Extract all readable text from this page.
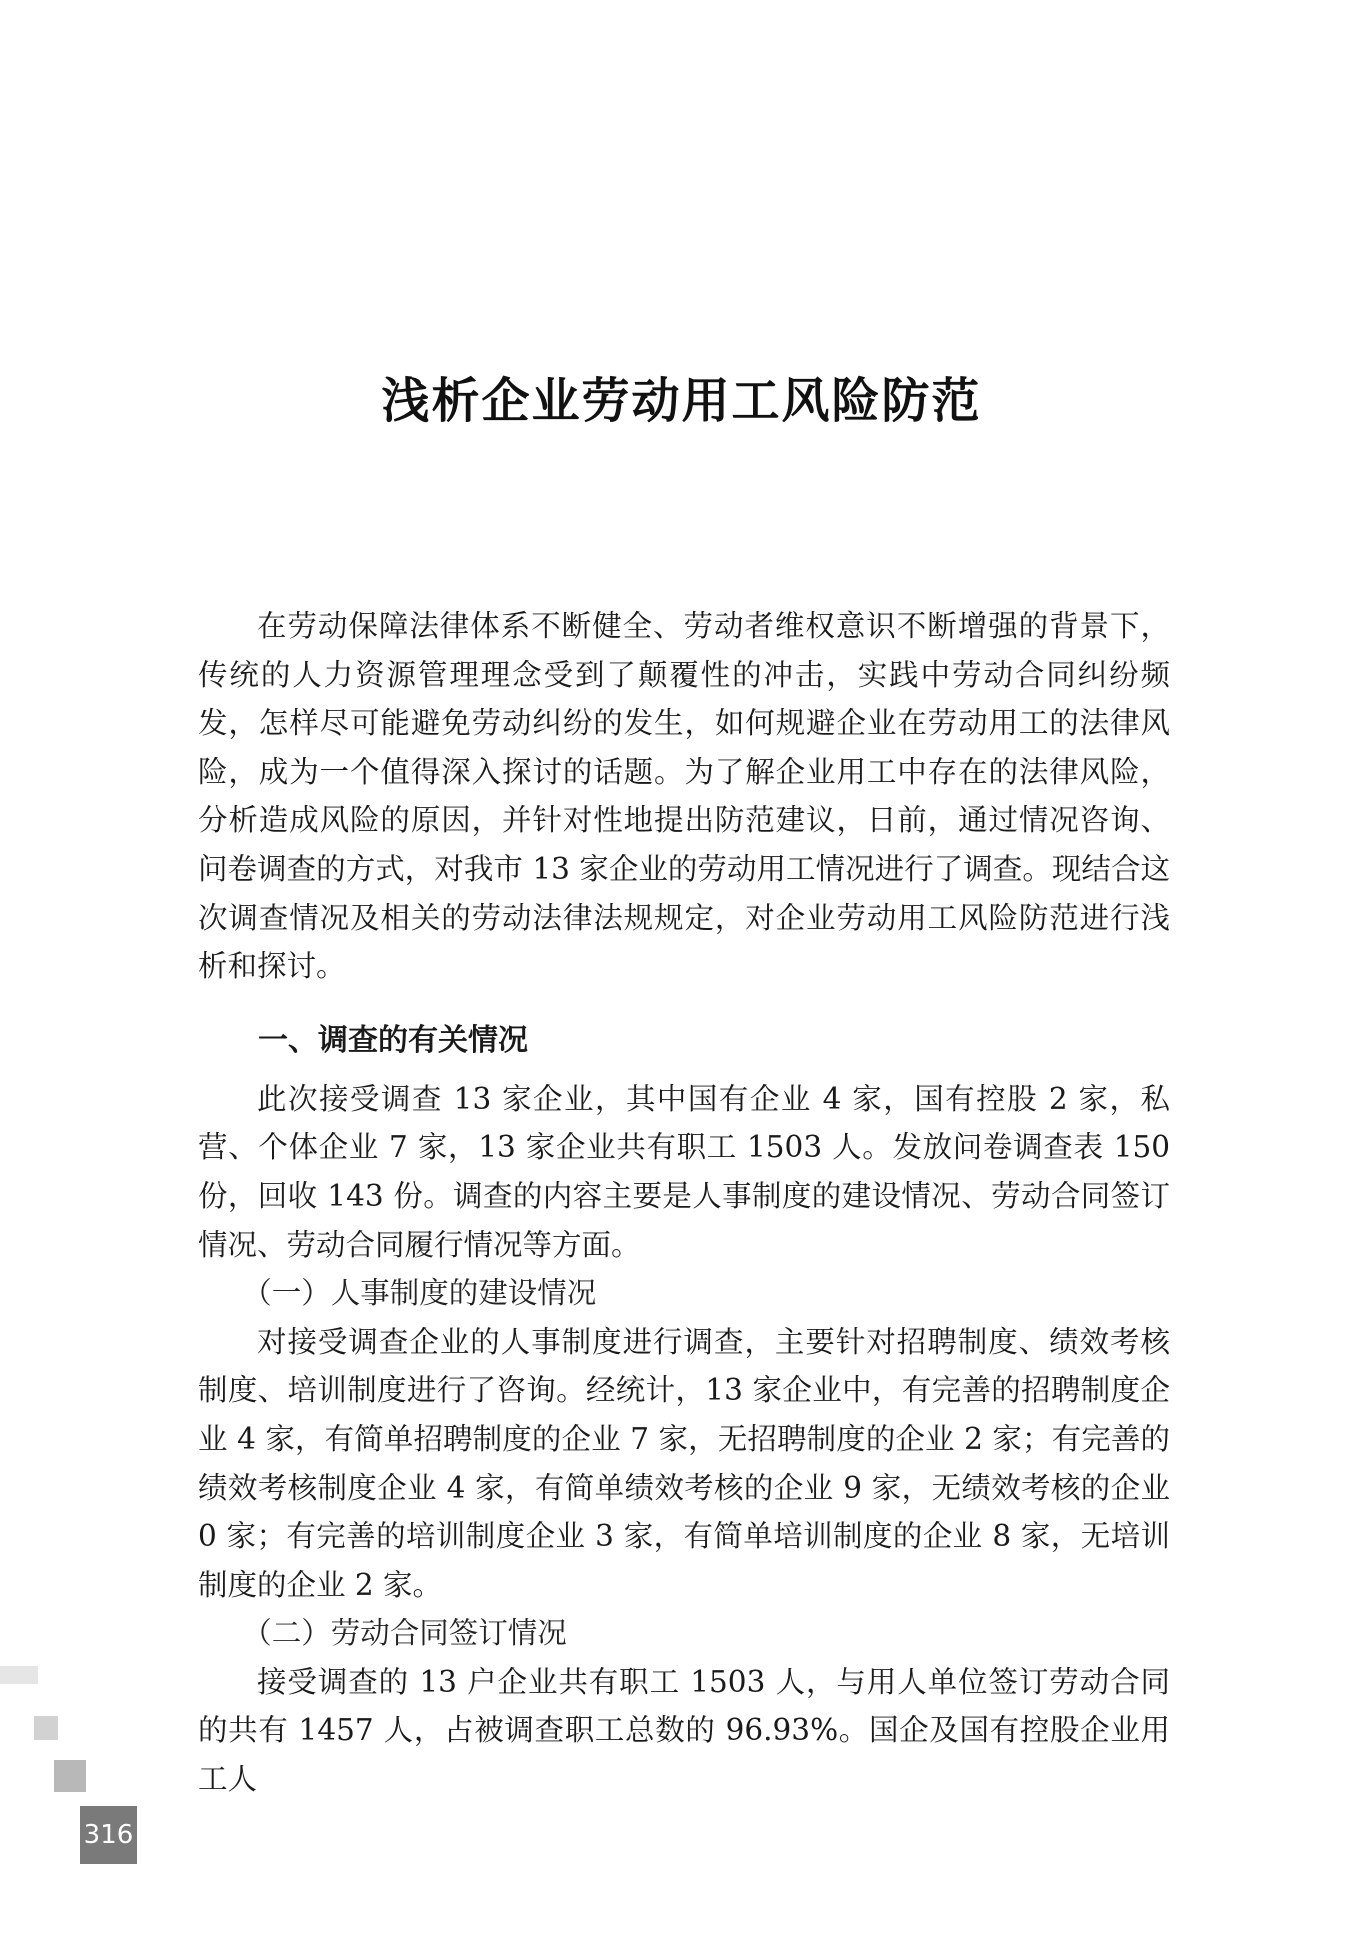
浅析企业劳动用工风险防范

在劳动保障法律体系不断健全、劳动者维权意识不断增强的背景下，传统的人力资源管理理念受到了颠覆性的冲击，实践中劳动合同纠纷频发，怎样尽可能避免劳动纠纷的发生，如何规避企业在劳动用工的法律风险，成为一个值得深入探讨的话题。为了解企业用工中存在的法律风险，分析造成风险的原因，并针对性地提出防范建议，日前，通过情况咨询、问卷调查的方式，对我市 13 家企业的劳动用工情况进行了调查。现结合这次调查情况及相关的劳动法律法规规定，对企业劳动用工风险防范进行浅析和探讨。

一、调查的有关情况

此次接受调查 13 家企业，其中国有企业 4 家，国有控股 2 家，私营、个体企业 7 家，13 家企业共有职工 1503 人。发放问卷调查表 150 份，回收 143 份。调查的内容主要是人事制度的建设情况、劳动合同签订情况、劳动合同履行情况等方面。

（一）人事制度的建设情况

对接受调查企业的人事制度进行调查，主要针对招聘制度、绩效考核制度、培训制度进行了咨询。经统计，13 家企业中，有完善的招聘制度企业 4 家，有简单招聘制度的企业 7 家，无招聘制度的企业 2 家；有完善的绩效考核制度企业 4 家，有简单绩效考核的企业 9 家，无绩效考核的企业 0 家；有完善的培训制度企业 3 家，有简单培训制度的企业 8 家，无培训制度的企业 2 家。

（二）劳动合同签订情况

接受调查的 13 户企业共有职工 1503 人，与用人单位签订劳动合同的共有 1457 人，占被调查职工总数的 96.93%。国企及国有控股企业用工人

316
